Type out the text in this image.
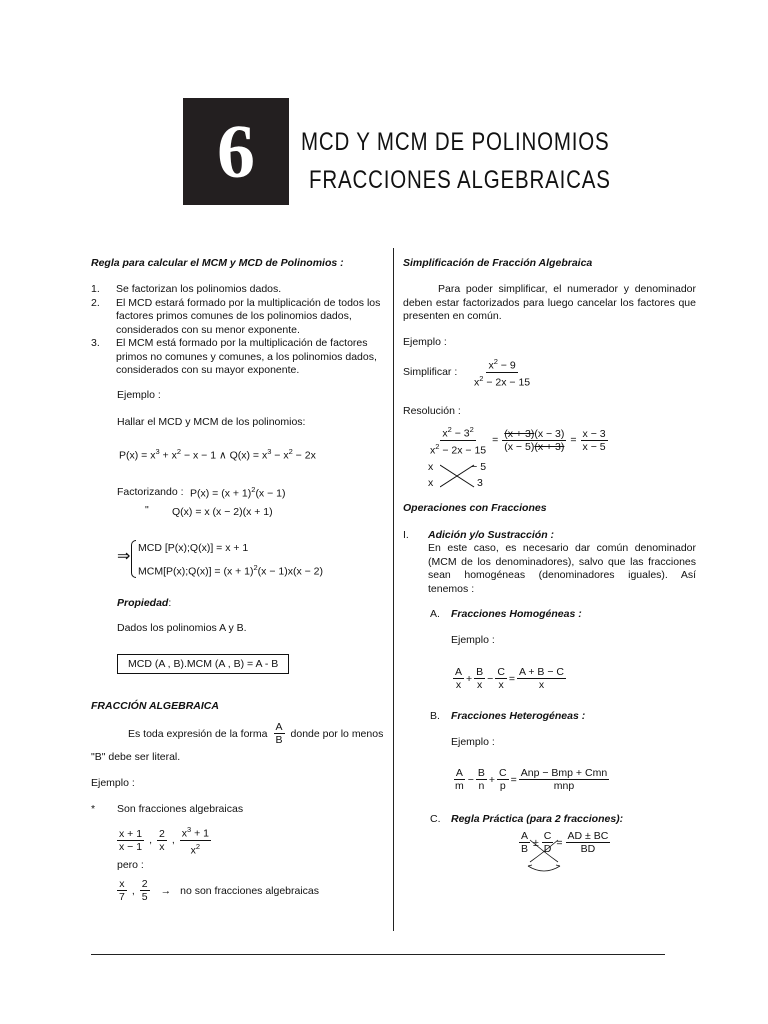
6 MCD Y MCM DE POLINOMIOS
FRACCIONES ALGEBRAICAS
Regla para calcular el MCM y MCD de Polinomios :
1.	Se factorizan los polinomios dados.
2.	El MCD estará formado por la multiplicación de todos los factores primos comunes de los polinomios dados, considerados con su menor exponente.
3.	El MCM está formado por la multiplicación de factores primos no comunes y comunes, a los polinomios dados, considerados con su mayor exponente.
Ejemplo :
Hallar el MCD y MCM de los polinomios:
$P(x) = x^3 + x^2 - x - 1$ ∧ $Q(x) = x^3 - x^2 - 2x$
Factorizando : $P(x) = (x + 1)^2(x - 1)$
" Q(x) = x (x − 2)(x + 1)
⇒ MCD [P(x);Q(x)] = x + 1
MCM[P(x);Q(x)] = $(x + 1)^2(x - 1)x(x - 2)$
Propiedad:
Dados los polinomios A y B.
MCD (A , B).MCM (A , B) = A - B
FRACCIÓN ALGEBRAICA
Es toda expresión de la forma $\frac{A}{B}$ donde por lo menos
"B" debe ser literal.
Ejemplo :
* Son fracciones algebraicas
$\frac{x + 1}{x - 1}$ , $\frac{2}{x}$ , $\frac{x^3 + 1}{x^2}$
pero :
$\frac{x}{7}$ , $\frac{2}{5}$ → no son fracciones algebraicas
Simplificación de Fracción Algebraica
Para poder simplificar, el numerador y denominador deben estar factorizados para luego cancelar los factores que presenten en común.
Ejemplo :
Simplificar : $\frac{x^2 - 9}{x^2 - 2x - 15}$
Resolución :
$\frac{x^2 - 3^2}{x^2 - 2x - 15} = \frac{(x + 3)(x - 3)}{(x - 5)(x + 3)} = \frac{x - 3}{x - 5}$
x             − 5
x               3
Operaciones con Fracciones
I. Adición y/o Sustracción :
En este caso, es necesario dar común denominador (MCM de los denominadores), salvo que las fracciones sean homogéneas (denominadores iguales). Así tenemos :
A. Fracciones Homogéneas :
Ejemplo :
$\frac{A}{x} + \frac{B}{x} - \frac{C}{x} = \frac{A + B - C}{x}$
B. Fracciones Heterogéneas :
Ejemplo :
$\frac{A}{m} - \frac{B}{n} + \frac{C}{p} = \frac{\text{Anp − Bmp + Cmn}}{\text{mnp}}$
C. Regla Práctica (para 2 fracciones):
$\frac{A}{B} \pm \frac{C}{D} = \frac{AD \pm BC}{BD}$
